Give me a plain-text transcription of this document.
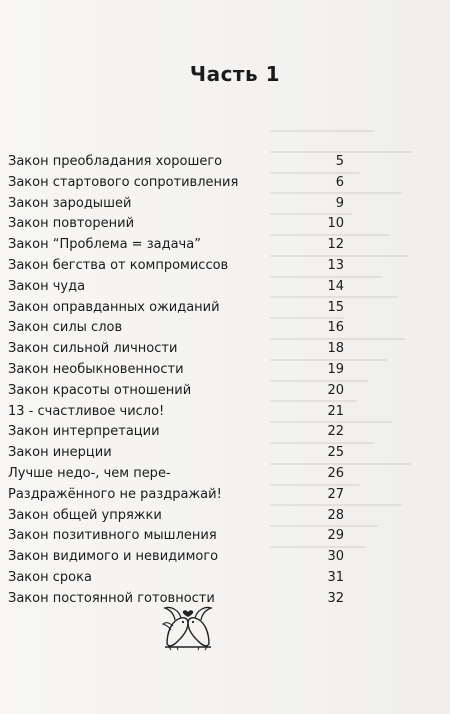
Часть 1
Закон преобладания хорошего	5
Закон стартового сопротивления	6
Закон зародышей	9
Закон повторений	10
Закон “Проблема = задача”	12
Закон бегства от компромиссов	13
Закон чуда	14
Закон оправданных ожиданий	15
Закон силы слов	16
Закон сильной личности	18
Закон необыкновенности	19
Закон красоты отношений	20
13 - счастливое число!	21
Закон интерпретации	22
Закон инерции	25
Лучше недо-, чем пере-	26
Раздражённого не раздражай!	27
Закон общей упряжки	28
Закон позитивного мышления	29
Закон видимого и невидимого	30
Закон срока	31
Закон постоянной готовности	32
